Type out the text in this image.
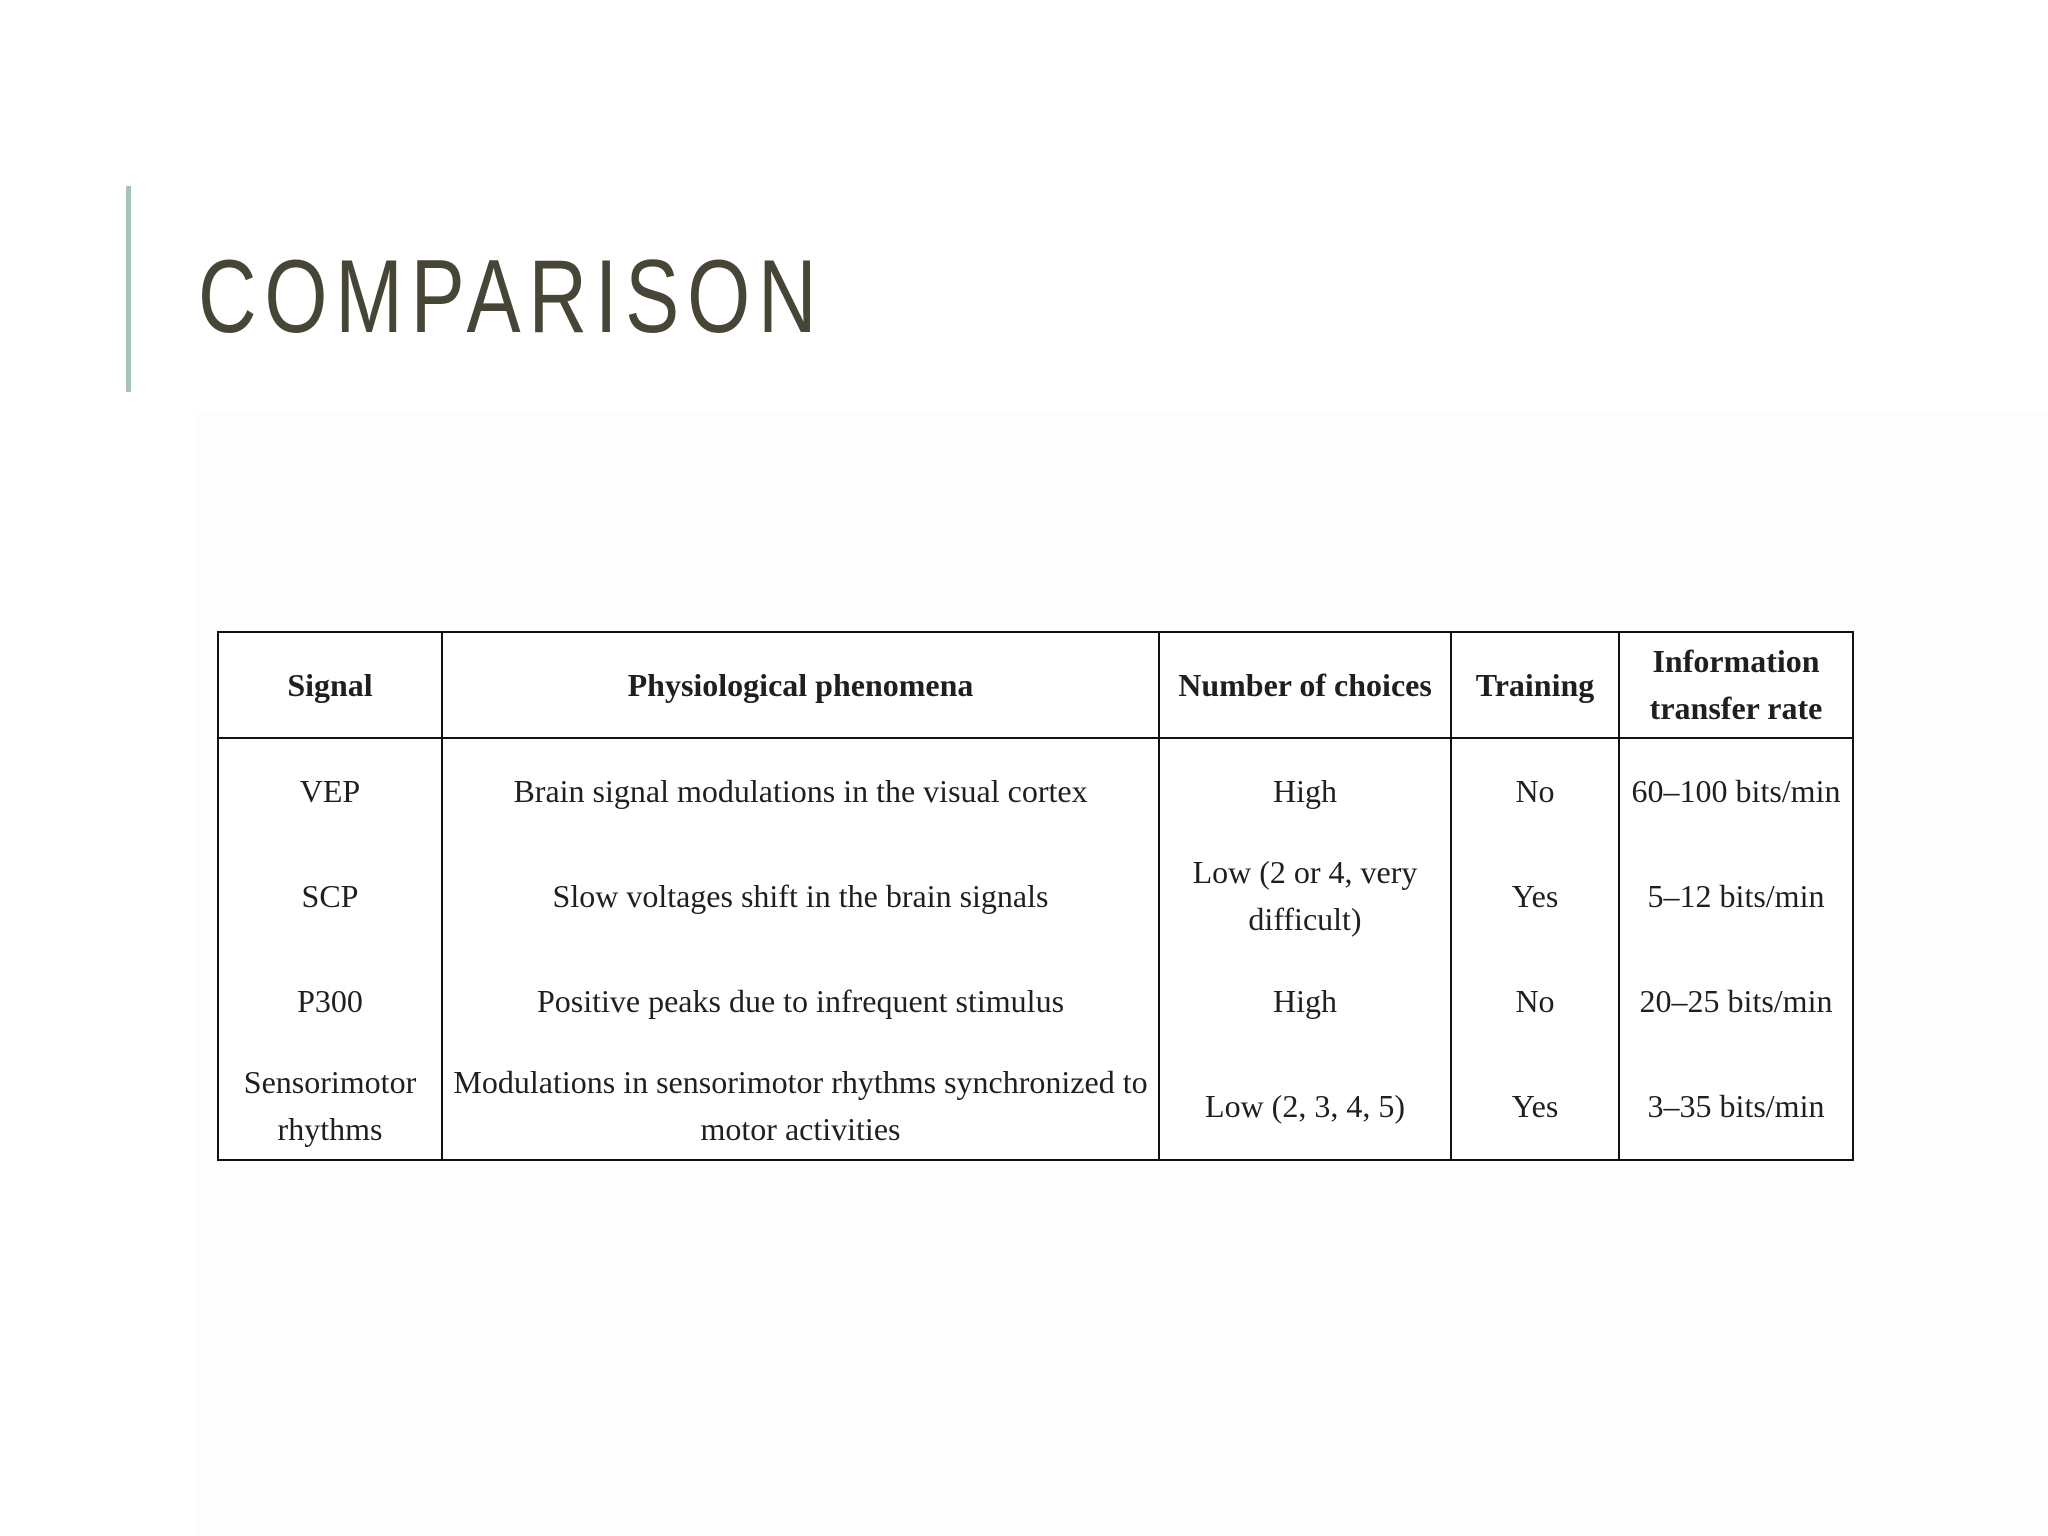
COMPARISON
Signal	Physiological phenomena	Number of choices	Training	Information transfer rate
VEP	Brain signal modulations in the visual cortex	High	No	60–100 bits/min
SCP	Slow voltages shift in the brain signals	Low (2 or 4, very difficult)	Yes	5–12 bits/min
P300	Positive peaks due to infrequent stimulus	High	No	20–25 bits/min
Sensorimotor rhythms	Modulations in sensorimotor rhythms synchronized to motor activities	Low (2, 3, 4, 5)	Yes	3–35 bits/min
